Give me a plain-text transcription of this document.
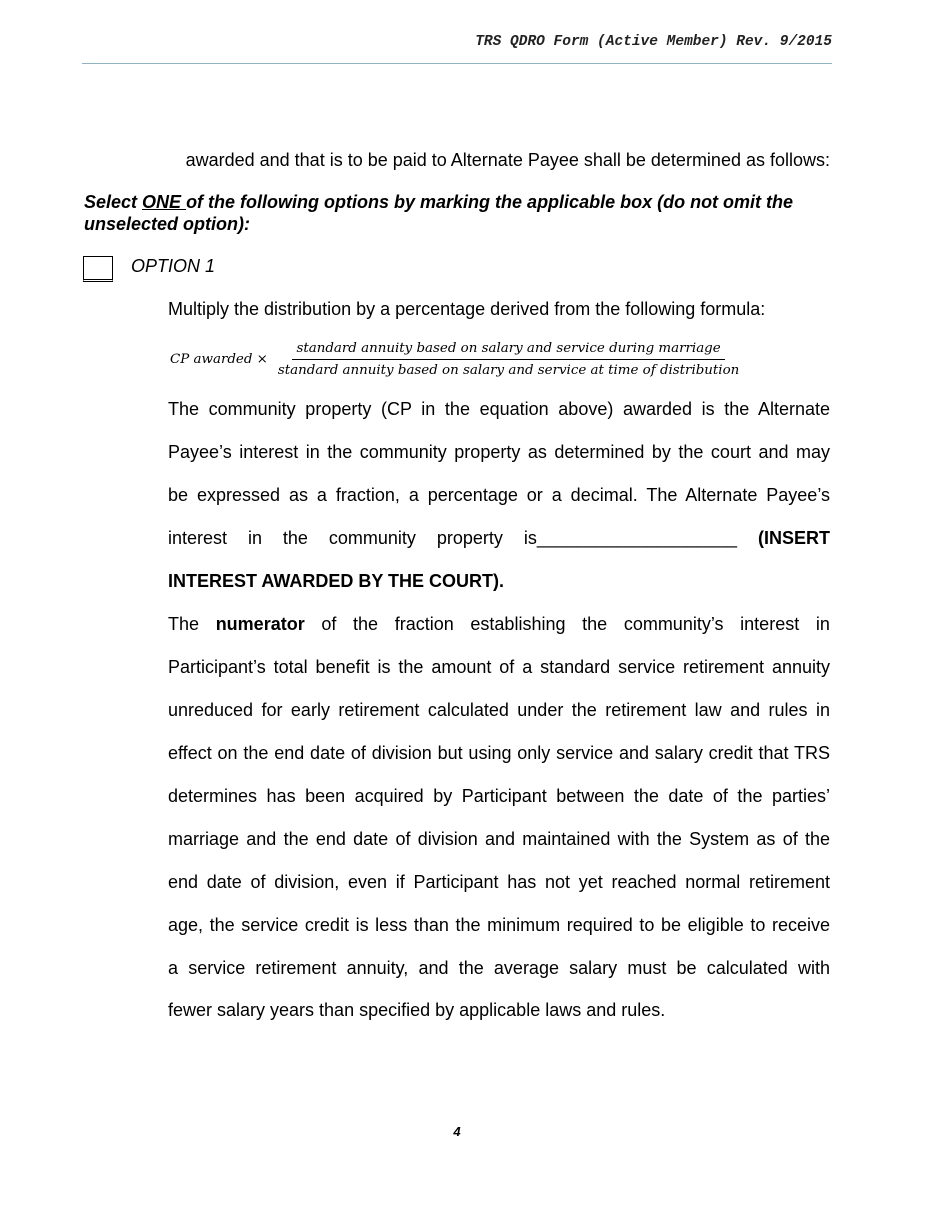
TRS QDRO Form (Active Member) Rev. 9/2015
awarded and that is to be paid to Alternate Payee shall be determined as follows:
Select ONE of the following options by marking the applicable box (do not omit the
unselected option):
OPTION 1
Multiply the distribution by a percentage derived from the following formula:
CP awarded ×
standard annuity based on salary and service during marriage
standard annuity based on salary and service at time of distribution
The community property (CP in the equation above) awarded is the Alternate
Payee’s interest in the community property as determined by the court and may
be expressed as a fraction, a percentage or a decimal. The Alternate Payee’s
interest in the community property is____________________ (INSERT
INTEREST AWARDED BY THE COURT).
The numerator of the fraction establishing the community’s interest in
Participant’s total benefit is the amount of a standard service retirement annuity
unreduced for early retirement calculated under the retirement law and rules in
effect on the end date of division but using only service and salary credit that TRS
determines has been acquired by Participant between the date of the parties’
marriage and the end date of division and maintained with the System as of the
end date of division, even if Participant has not yet reached normal retirement
age, the service credit is less than the minimum required to be eligible to receive
a service retirement annuity, and the average salary must be calculated with
fewer salary years than specified by applicable laws and rules.
4
